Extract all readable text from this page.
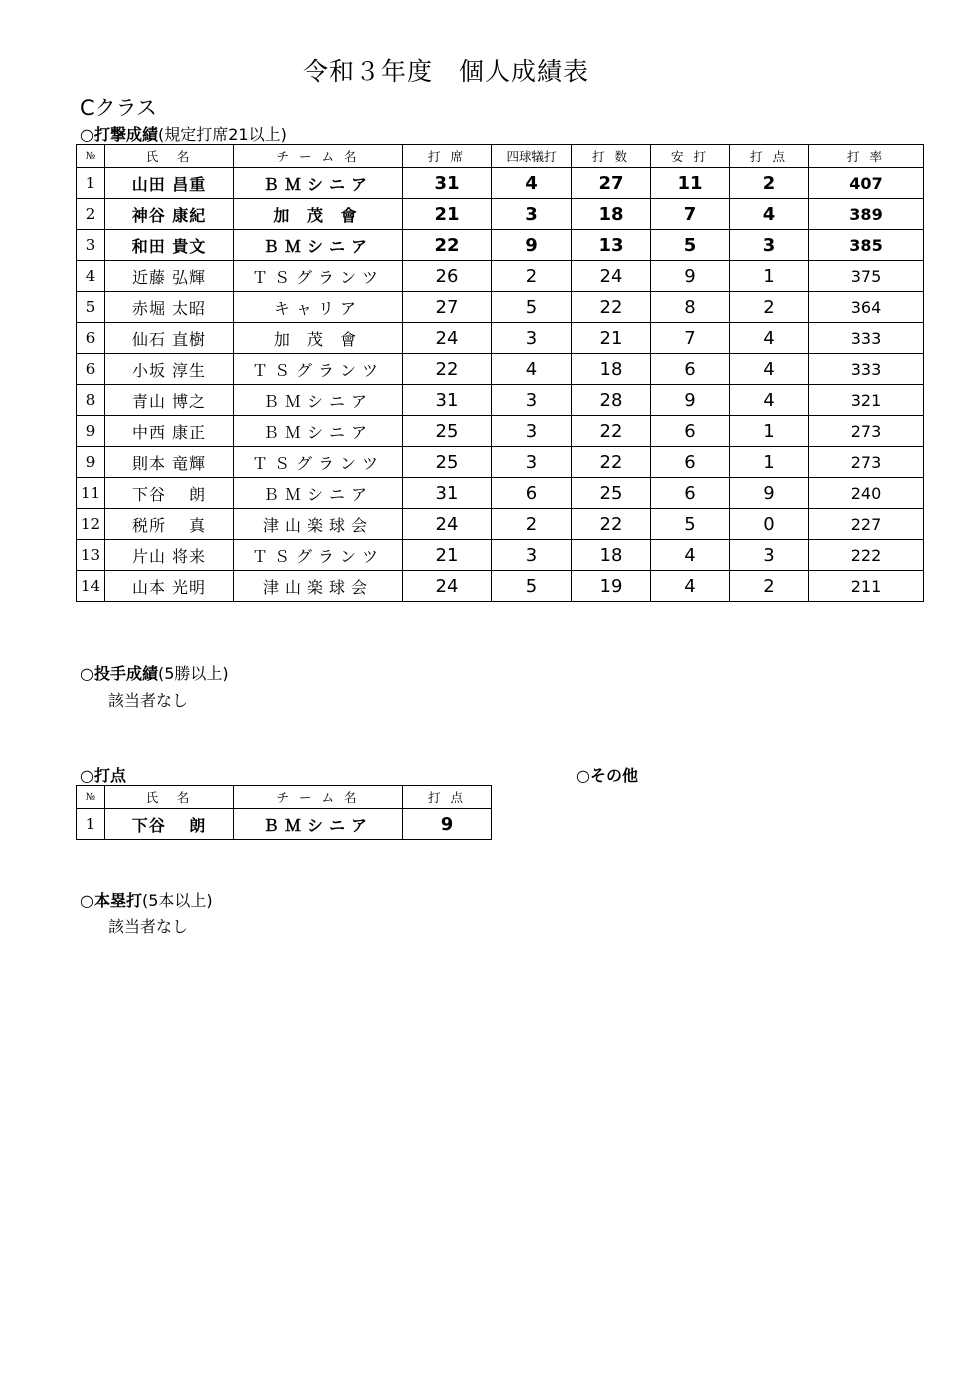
令和３年度　個人成績表
Cクラス
○打撃成績(規定打席21以上)
№	氏　名	チ ー ム 名	打 席	四球犠打	打 数	安 打	打 点	打 率
1	山田 昌重	ＢＭシニア	31	4	27	11	2	407
2	神谷 康紀	加 茂 會	21	3	18	7	4	389
3	和田 貴文	ＢＭシニア	22	9	13	5	3	385
4	近藤 弘輝	ＴＳグランツ	26	2	24	9	1	375
5	赤堀 太昭	キャリア	27	5	22	8	2	364
6	仙石 直樹	加 茂 會	24	3	21	7	4	333
6	小坂 淳生	ＴＳグランツ	22	4	18	6	4	333
8	青山 博之	ＢＭシニア	31	3	28	9	4	321
9	中西 康正	ＢＭシニア	25	3	22	6	1	273
9	則本 竜輝	ＴＳグランツ	25	3	22	6	1	273
11	下谷　 朗	ＢＭシニア	31	6	25	6	9	240
12	税所　 真	津山楽球会	24	2	22	5	0	227
13	片山 将来	ＴＳグランツ	21	3	18	4	3	222
14	山本 光明	津山楽球会	24	5	19	4	2	211
○投手成績(5勝以上)
該当者なし
○打点	○その他
№	氏　名	チ ー ム 名	打 点
1	下谷　 朗	ＢＭシニア	9
○本塁打(5本以上)
該当者なし
